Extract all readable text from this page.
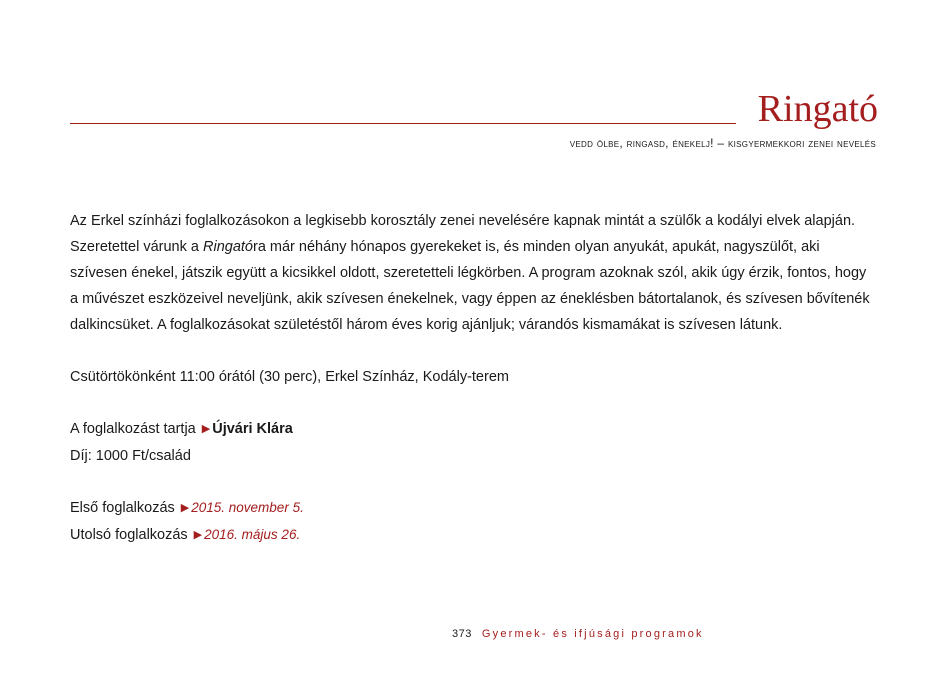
Ringató
vedd ölbe, ringasd, énekelj! – kisgyermekkori zenei nevelés

Az Erkel színházi foglalkozásokon a legkisebb korosztály zenei nevelésére kapnak mintát a szülők a kodályi elvek alapján. Szeretettel várunk a Ringatóra már néhány hónapos gyerekeket is, és minden olyan anyukát, apukát, nagyszülőt, aki szívesen énekel, játszik együtt a kicsikkel oldott, szeretetteli légkörben. A program azoknak szól, akik úgy érzik, fontos, hogy a művészet eszközeivel neveljünk, akik szívesen énekelnek, vagy éppen az éneklésben bátortalanok, és szívesen bővítenék dalkincsüket. A foglalkozásokat születéstől három éves korig ajánljuk; várandós kismamákat is szívesen látunk.

Csütörtökönként 11:00 órától (30 perc), Erkel Színház, Kodály-terem

A foglalkozást tartja ▶ Újvári Klára

Díj: 1000 Ft/család

Első foglalkozás ▶ 2015. november 5.

Utolsó foglalkozás ▶ 2016. május 26.

373 Gyermek- és ifjúsági programok
